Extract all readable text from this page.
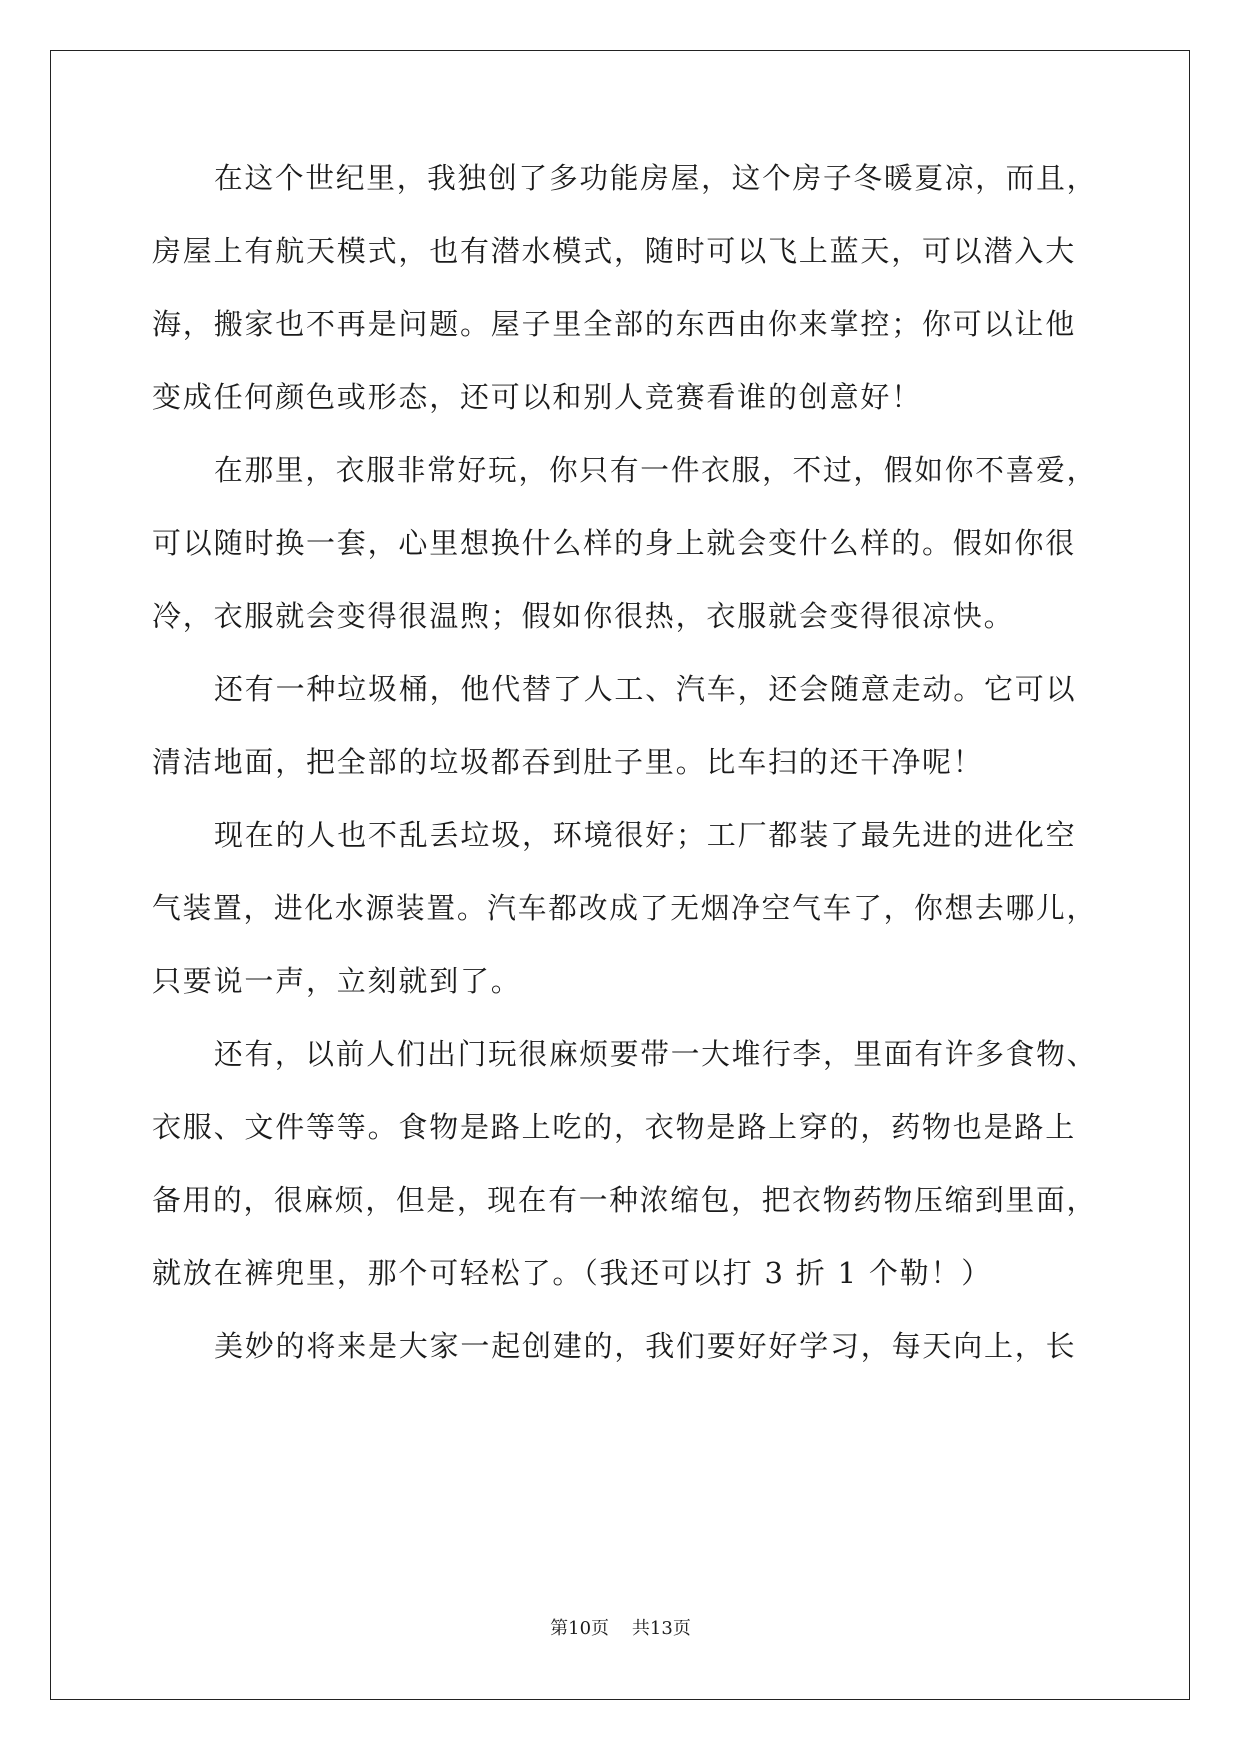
在这个世纪里，我独创了多功能房屋，这个房子冬暖夏凉，而且，
房屋上有航天模式，也有潜水模式，随时可以飞上蓝天，可以潜入大
海，搬家也不再是问题。屋子里全部的东西由你来掌控；你可以让他
变成任何颜色或形态，还可以和别人竞赛看谁的创意好！
在那里，衣服非常好玩，你只有一件衣服，不过，假如你不喜爱，
可以随时换一套，心里想换什么样的身上就会变什么样的。假如你很
冷，衣服就会变得很温煦；假如你很热，衣服就会变得很凉快。
还有一种垃圾桶，他代替了人工、汽车，还会随意走动。它可以
清洁地面，把全部的垃圾都吞到肚子里。比车扫的还干净呢！
现在的人也不乱丢垃圾，环境很好；工厂都装了最先进的进化空
气装置，进化水源装置。汽车都改成了无烟净空气车了，你想去哪儿，
只要说一声，立刻就到了。
还有，以前人们出门玩很麻烦要带一大堆行李，里面有许多食物、
衣服、文件等等。食物是路上吃的，衣物是路上穿的，药物也是路上
备用的，很麻烦，但是，现在有一种浓缩包，把衣物药物压缩到里面，
就放在裤兜里，那个可轻松了。（我还可以打 3 折 1 个勒！）
美妙的将来是大家一起创建的，我们要好好学习，每天向上，长
第10页    共13页
